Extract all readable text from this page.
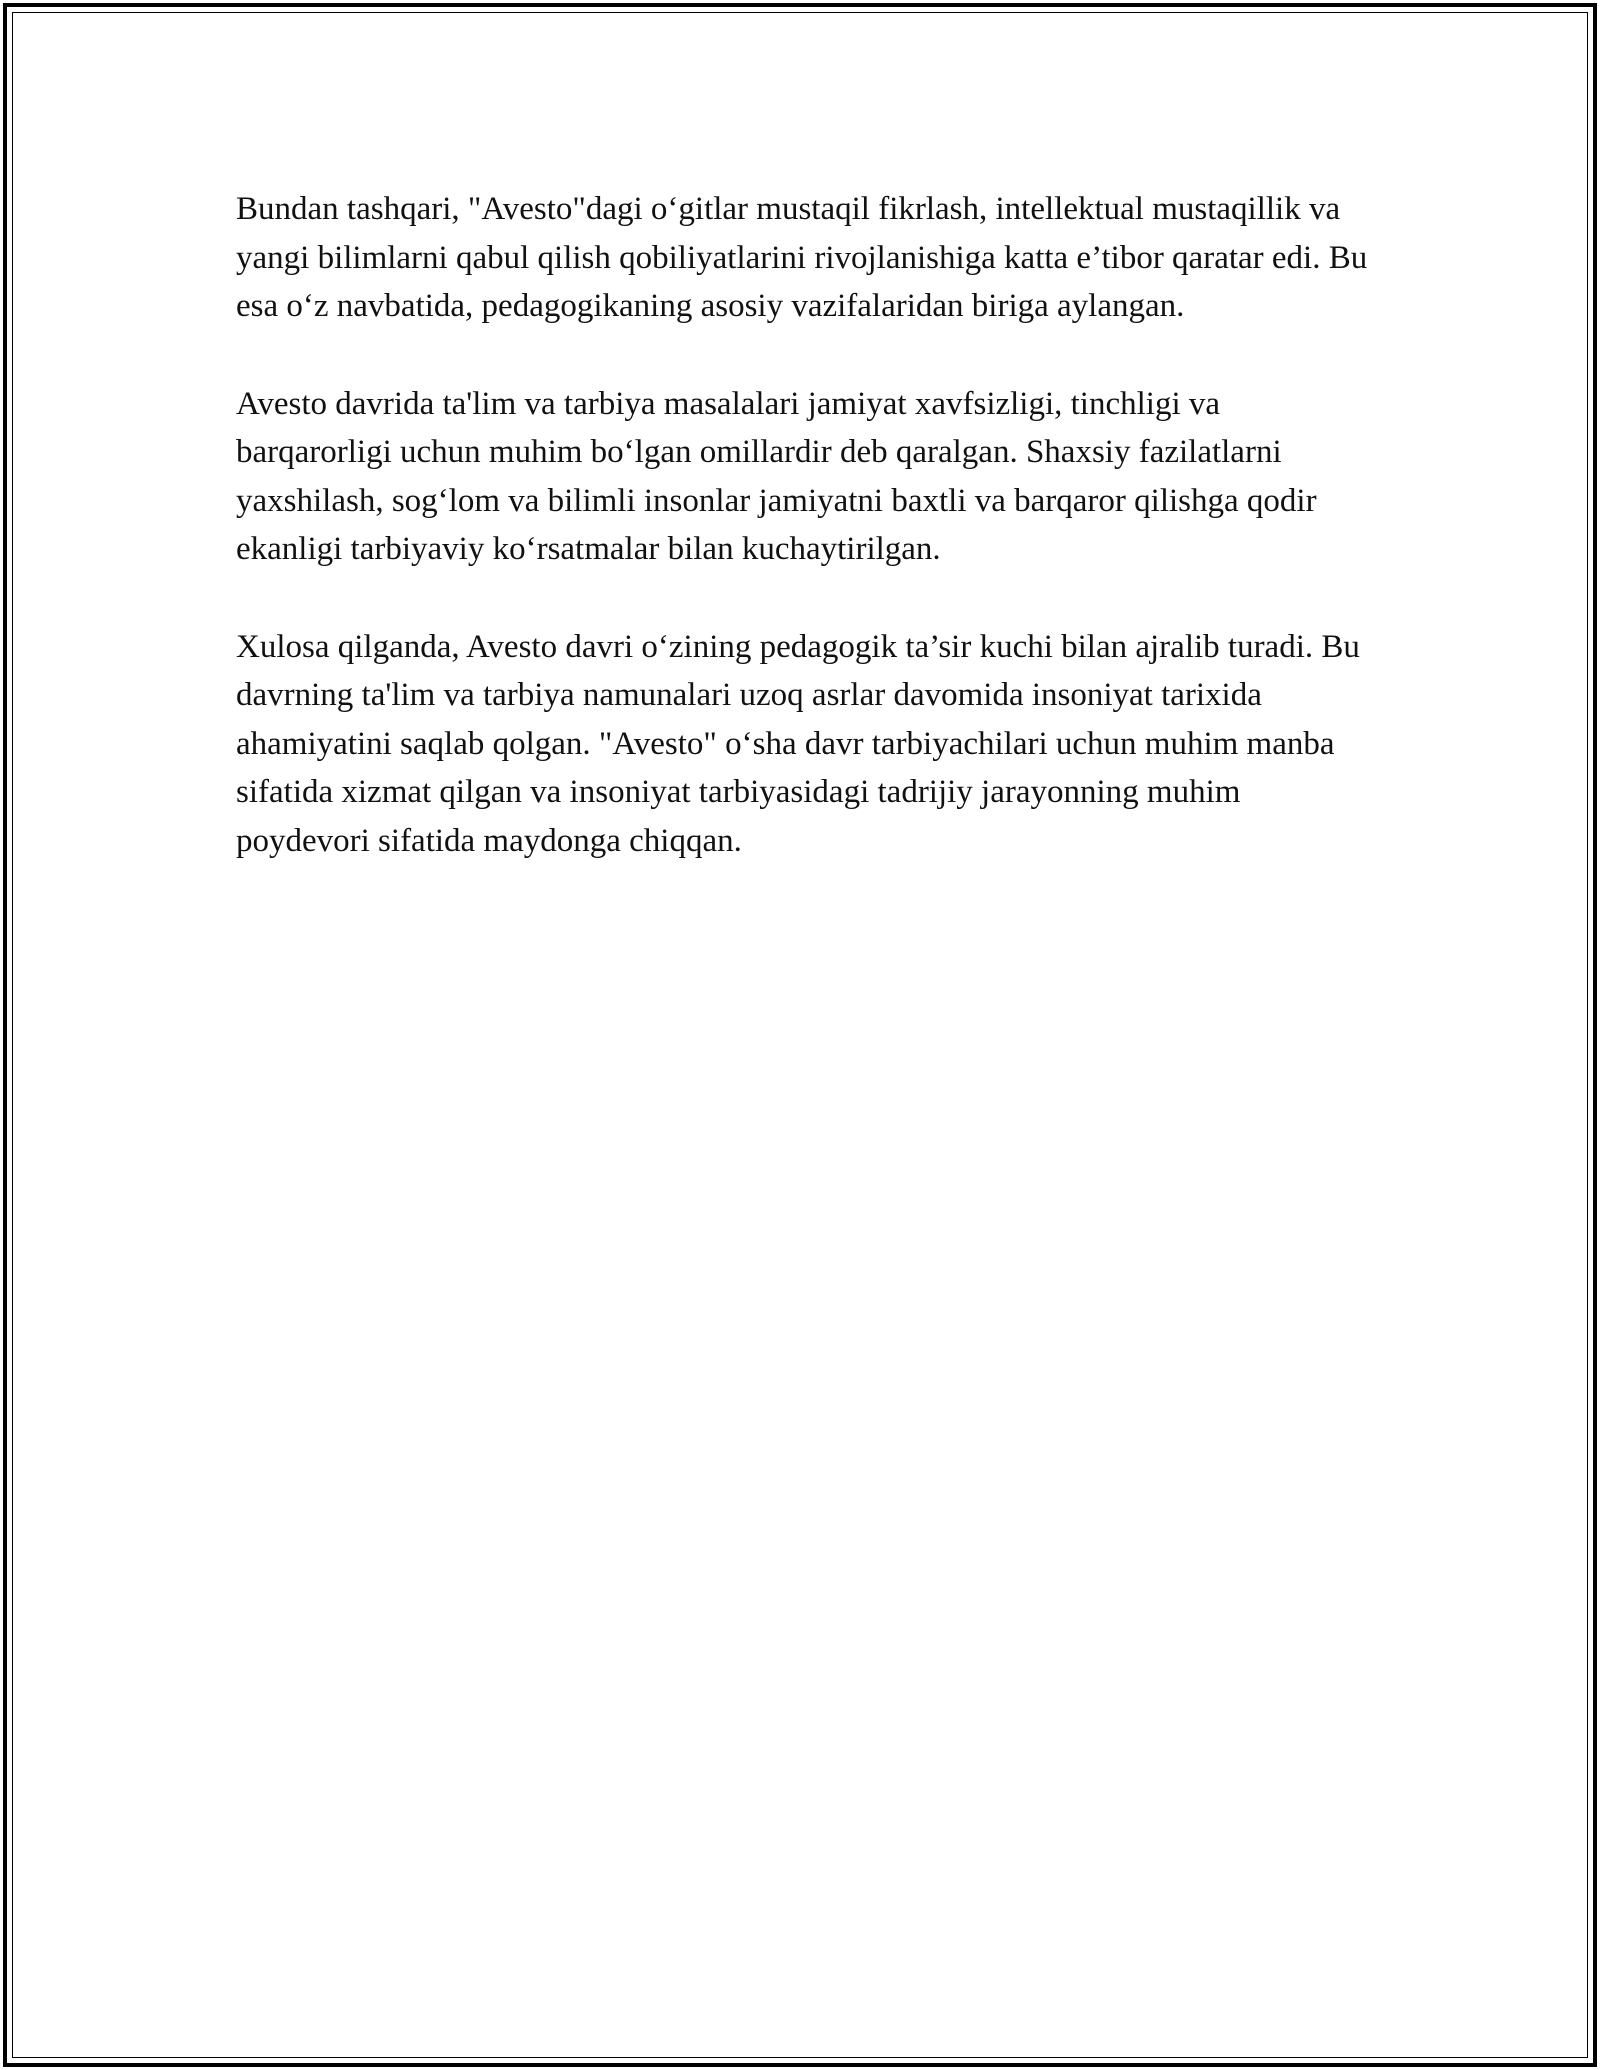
Bundan tashqari, "Avesto"dagi oʻgitlar mustaqil fikrlash, intellektual mustaqillik va yangi bilimlarni qabul qilish qobiliyatlarini rivojlanishiga katta e’tibor qaratar edi. Bu esa oʻz navbatida, pedagogikaning asosiy vazifalaridan biriga aylangan.

Avesto davrida ta'lim va tarbiya masalalari jamiyat xavfsizligi, tinchligi va barqarorligi uchun muhim boʻlgan omillardir deb qaralgan. Shaxsiy fazilatlarni yaxshilash, sogʻlom va bilimli insonlar jamiyatni baxtli va barqaror qilishga qodir ekanligi tarbiyaviy koʻrsatmalar bilan kuchaytirilgan.

Xulosa qilganda, Avesto davri oʻzining pedagogik ta’sir kuchi bilan ajralib turadi. Bu davrning ta'lim va tarbiya namunalari uzoq asrlar davomida insoniyat tarixida ahamiyatini saqlab qolgan. "Avesto" oʻsha davr tarbiyachilari uchun muhim manba sifatida xizmat qilgan va insoniyat tarbiyasidagi tadrijiy jarayonning muhim poydevori sifatida maydonga chiqqan.
